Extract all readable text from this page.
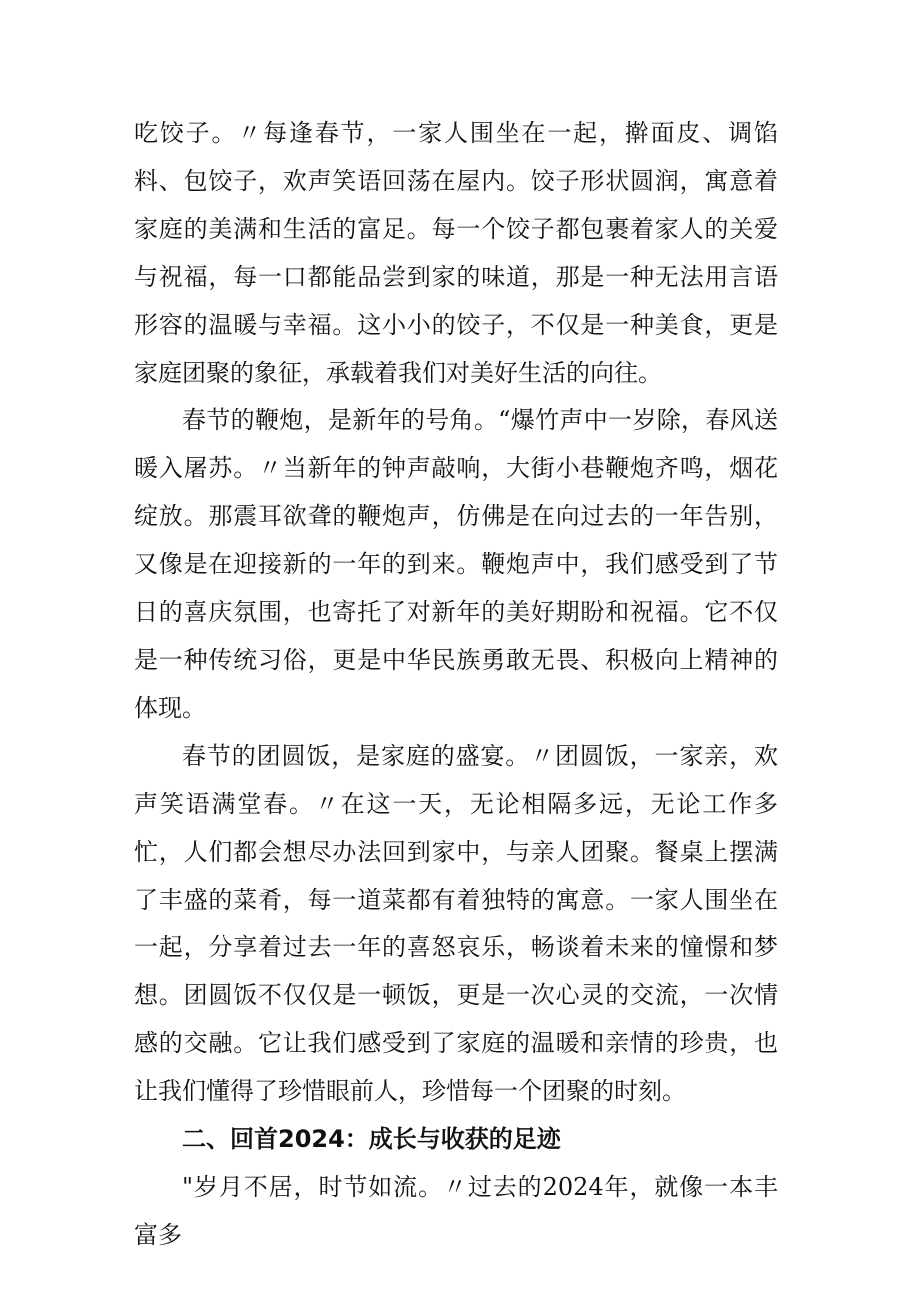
吃饺子。〃每逢春节，一家人围坐在一起，擀面皮、调馅料、包饺子，欢声笑语回荡在屋内。饺子形状圆润，寓意着家庭的美满和生活的富足。每一个饺子都包裹着家人的关爱与祝福，每一口都能品尝到家的味道，那是一种无法用言语形容的温暖与幸福。这小小的饺子，不仅是一种美食，更是家庭团聚的象征，承载着我们对美好生活的向往。

春节的鞭炮，是新年的号角。“爆竹声中一岁除，春风送暖入屠苏。〃当新年的钟声敲响，大街小巷鞭炮齐鸣，烟花绽放。那震耳欲聋的鞭炮声，仿佛是在向过去的一年告别，又像是在迎接新的一年的到来。鞭炮声中，我们感受到了节日的喜庆氛围，也寄托了对新年的美好期盼和祝福。它不仅是一种传统习俗，更是中华民族勇敢无畏、积极向上精神的体现。

春节的团圆饭，是家庭的盛宴。〃团圆饭，一家亲，欢声笑语满堂春。〃在这一天，无论相隔多远，无论工作多忙，人们都会想尽办法回到家中，与亲人团聚。餐桌上摆满了丰盛的菜肴，每一道菜都有着独特的寓意。一家人围坐在一起，分享着过去一年的喜怒哀乐，畅谈着未来的憧憬和梦想。团圆饭不仅仅是一顿饭，更是一次心灵的交流，一次情感的交融。它让我们感受到了家庭的温暖和亲情的珍贵，也让我们懂得了珍惜眼前人，珍惜每一个团聚的时刻。

二、回首2024：成长与收获的足迹

"岁月不居，时节如流。〃过去的2024年，就像一本丰富多
